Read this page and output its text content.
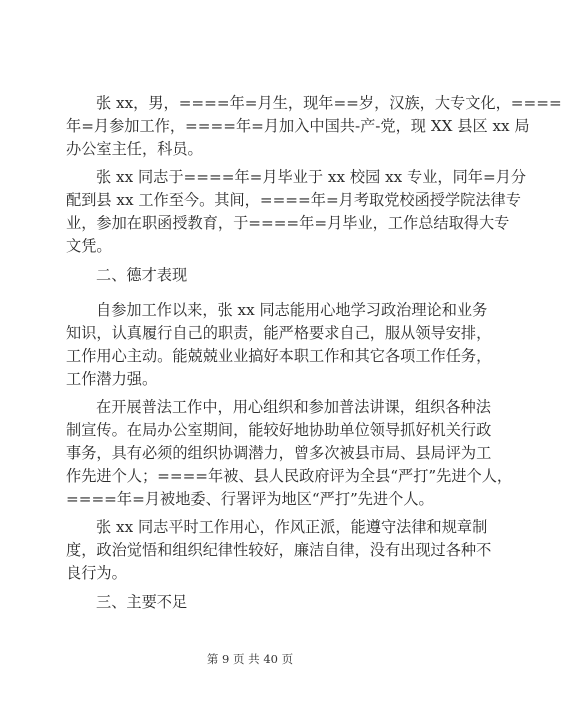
张 xx，男，====年=月生，现年==岁，汉族，大专文化，====
年=月参加工作，====年=月加入中国共-产-党，现 XX 县区 xx 局
办公室主任，科员。

张 xx 同志于====年=月毕业于 xx 校园 xx 专业，同年=月分
配到县 xx 工作至今。其间，====年=月考取党校函授学院法律专
业，参加在职函授教育，于====年=月毕业，工作总结取得大专
文凭。

二、德才表现

自参加工作以来，张 xx 同志能用心地学习政治理论和业务
知识，认真履行自己的职责，能严格要求自己，服从领导安排，
工作用心主动。能兢兢业业搞好本职工作和其它各项工作任务，
工作潜力强。

在开展普法工作中，用心组织和参加普法讲课，组织各种法
制宣传。在局办公室期间，能较好地协助单位领导抓好机关行政
事务，具有必须的组织协调潜力，曾多次被县市局、县局评为工
作先进个人；====年被、县人民政府评为全县“严打”先进个人，
====年=月被地委、行署评为地区“严打”先进个人。

张 xx 同志平时工作用心，作风正派，能遵守法律和规章制
度，政治觉悟和组织纪律性较好，廉洁自律，没有出现过各种不
良行为。

三、主要不足

第 9 页 共 40 页
